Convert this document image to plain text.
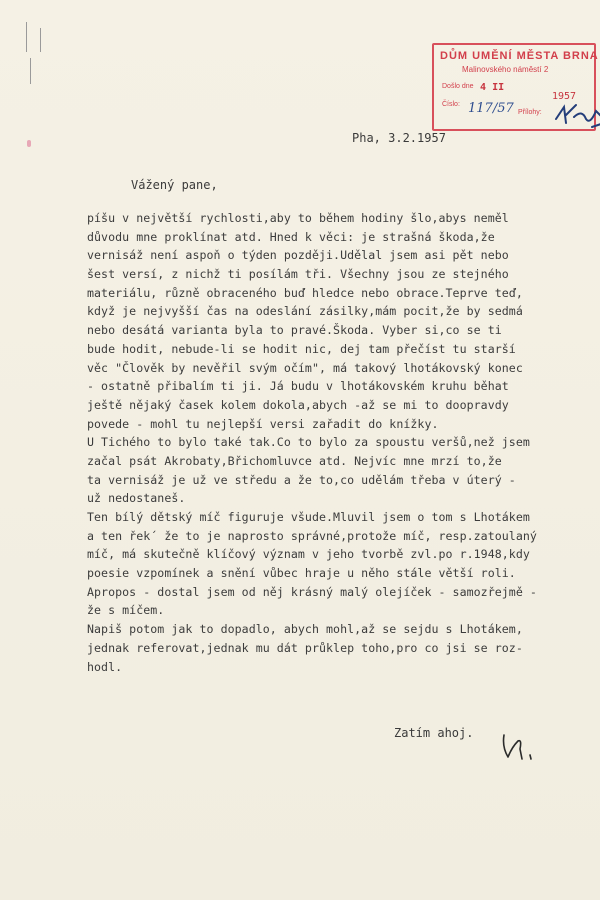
DŮM UMĚNÍ MĚSTA BRNA
Malinovského náměstí 2
Došlo dne
  4 II
1957
Číslo: 117/57 Přílohy:
Pha, 3.2.1957
Vážený pane,
píšu v největší rychlosti,aby to během hodiny šlo,abys neměl
důvodu mne proklínat atd. Hned k věci: je strašná škoda,že
vernisáž není aspoň o týden později.Udělal jsem asi pět nebo
šest versí, z nichž ti posílám tři. Všechny jsou ze stejného
materiálu, různě obraceného buď hledce nebo obrace.Teprve teď,
když je nejvyšší čas na odeslání zásilky,mám pocit,že by sedmá
nebo desátá varianta byla to pravé.Škoda. Vyber si,co se ti
bude hodit, nebude-li se hodit nic, dej tam přečíst tu starší
věc "Člověk by nevěřil svým očím", má takový lhotákovský konec
- ostatně přibalím ti ji. Já budu v lhotákovském kruhu běhat
ještě nějaký časek kolem dokola,abych -až se mi to doopravdy
povede - mohl tu nejlepší versi zařadit do knížky.
U Tichého to bylo také tak.Co to bylo za spoustu veršů,než jsem
začal psát Akrobaty,Břichomluvce atd. Nejvíc mne mrzí to,že
ta vernisáž je už ve středu a že to,co udělám třeba v úterý -
už nedostaneš.
Ten bílý dětský míč figuruje všude.Mluvil jsem o tom s Lhotákem
a ten řek´ že to je naprosto správné,protože míč, resp.zatoulaný
míč, má skutečně klíčový význam v jeho tvorbě zvl.po r.1948,kdy
poesie vzpomínek a snění vůbec hraje u něho stále větší roli.
Apropos - dostal jsem od něj krásný malý olejíček - samozřejmě -
že s míčem.
Napiš potom jak to dopadlo, abych mohl,až se sejdu s Lhotákem,
jednak referovat,jednak mu dát průklep toho,pro co jsi se roz-
hodl.
Zatím ahoj.
